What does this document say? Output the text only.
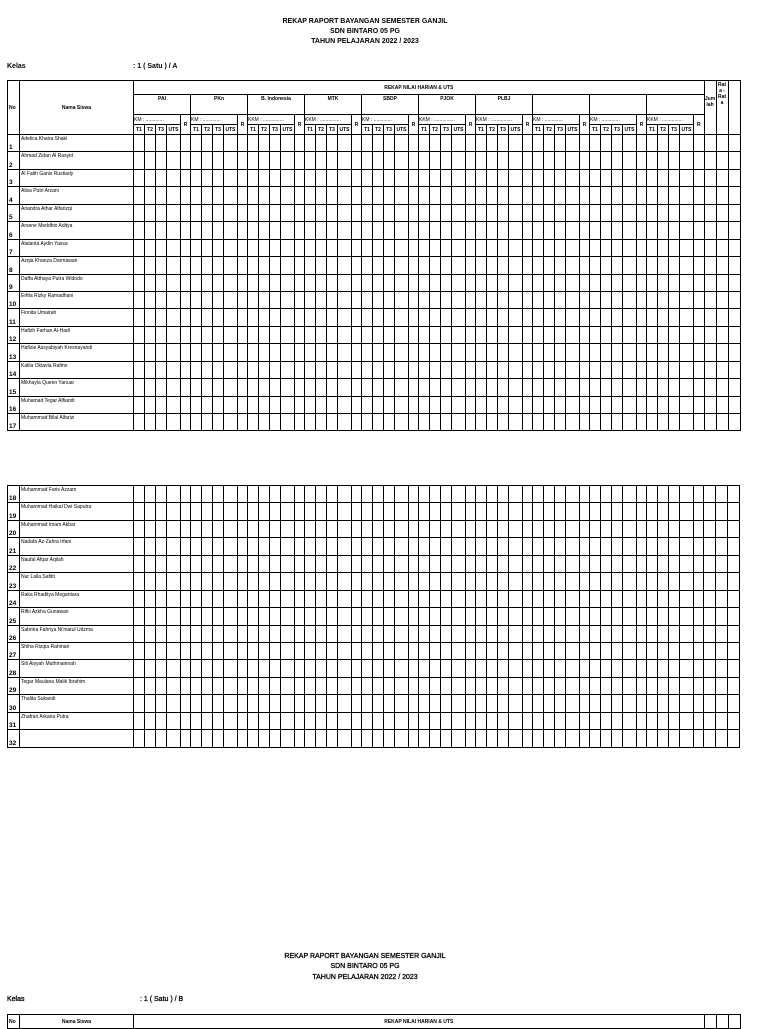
REKAP RAPORT BAYANGAN SEMESTER GANJIL
SDN BINTARO 05 PG
TAHUN PELAJARAN 2022 / 2023
Kelas	: 1 ( Satu ) / A
No	Nama Siswa	REKAP NILAI HARIAN & UTS																																																		Jum lah	Rat a - Rat a	
		PAI					PKn					B. Indonesia					MTK					SBDP					PJOK					PLBJ																						
		KM : .............				R	KM : .............				R	KKM : ...............				R	KKM : ...............				R	KM : .............				R	KKM : ...............				R	KKM : ...............				R	KM : .............				R	KM : .............				R	KKM : ...............				R			
		T1	T2	T3	UTS		T1	T2	T3	UTS		T1	T2	T3	UTS		T1	T2	T3	UTS		T1	T2	T3	UTS		T1	T2	T3	UTS		T1	T2	T3	UTS		T1	T2	T3	UTS		T1	T2	T3	UTS		T1	T2	T3	UTS				
1	Adelica Khaira Shaki																																																					
2	Ahmad Zidan Al Rasyid																																																					
3	Al Fatih Ganis Rustiady																																																					
4	Alisa Putri Arzani																																																					
5	Ariandra Athar Alfarizqi																																																					
6	Arsene Meddhio Aditya																																																					
7	Atalanta Aydin Yassa																																																					
8	Azqia Khanza Darmawan																																																					
9	Daffa Atthaya Putra Widodo																																																					
10	Erfita Rizky Ramadhani																																																					
11	Fionita Umairah																																																					
12	Hafizh Farhan Al-Hadi																																																					
13	Hafizie Assyabiyah Kresnayandi																																																					
14	Kalila Oktavia Rafino																																																					
15	Mikhayla Queen Yanuar																																																					
16	Muhamad Tegar Alfiandi																																																					
17	Muhammad Bilal Alfarizi																																																					
18	Muhammad Faris Azzam																																																					
19	Muhammad Haikal Dwi Saputra																																																					
20	Muhammad Imam Akbar																																																					
21	Nadafa Az-Zahra Irfani																																																					
22	Naufal Afqar Aqilah																																																					
23	Nur Laila Safitri																																																					
24	Raka Rhaditya Megantara																																																					
25	Rifki Azkha Gunawan																																																					
26	Sabrina Fahriya Ni'matul Udzma																																																					
27	Shiha Rizqia Rahman																																																					
28	Siti Aisyah Muthmainnah																																																					
29	Tegar Maulana Malik Ibrahim																																																					
30	Thalita Sukandi																																																					
31	Zhafran Arkana Putra																																																					
32																																																						
REKAP RAPORT BAYANGAN SEMESTER GANJIL
SDN BINTARO 05 PG
TAHUN PELAJARAN 2022 / 2023
Kelas	: 1 ( Satu ) / B
No	Nama Siswa	REKAP NILAI HARIAN & UTS			
